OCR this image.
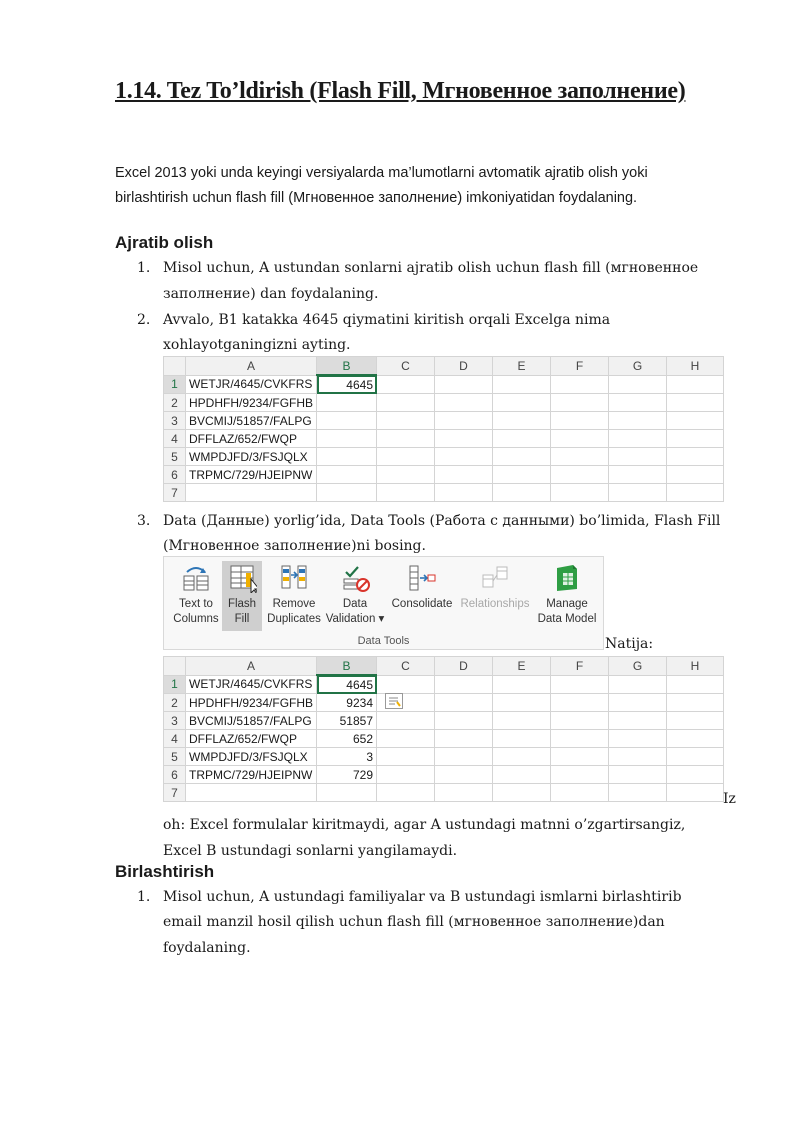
1.14. Tez To’ldirish (Flash Fill, Мгновенное заполнение)
Excel 2013 yoki unda keyingi versiyalarda ma’lumotlarni avtomatik ajratib olish yoki
birlashtirish uchun flash fill (Мгновенное заполнение) imkoniyatidan foydalaning.
Ajratib olish
1. Misol uchun, A ustundan sonlarni ajratib olish uchun flash fill (мгновенное
заполнение) dan foydalaning.
2. Avvalo, B1 katakka 4645 qiymatini kiritish orqali Excelga nima
xohlayotganingizni ayting.
	A	B	C	D	E	F	G	H
1	WETJR/4645/CVKFRS	4645						
2	HPDHFH/9234/FGFHB							
3	BVCMIJ/51857/FALPG							
4	DFFLAZ/652/FWQP							
5	WMPDJFD/3/FSJQLX							
6	TRPMC/729/HJEIPNW							
7								
3. Data (Данные) yorlig’ida, Data Tools (Работа с данными) bo’limida, Flash Fill
(Мгновенное заполнение)ni bosing.
Text to
Columns
Flash
Fill
Remove
Duplicates
Data
Validation ▾
Consolidate Relationships	Manage
Data Model
Data Tools	Natija:
	A	B	C	D	E	F	G	H
1	WETJR/4645/CVKFRS	4645						
2	HPDHFH/9234/FGFHB	9234						
3	BVCMIJ/51857/FALPG	51857						
4	DFFLAZ/652/FWQP	652						
5	WMPDJFD/3/FSJQLX	3						
6	TRPMC/729/HJEIPNW	729						
7									Iz
oh: Excel formulalar kiritmaydi, agar A ustundagi matnni o’zgartirsangiz,
Excel B ustundagi sonlarni yangilamaydi.
Birlashtirish
1. Misol uchun, A ustundagi familiyalar va B ustundagi ismlarni birlashtirib
email manzil hosil qilish uchun flash fill (мгновенное заполнение)dan
foydalaning.
